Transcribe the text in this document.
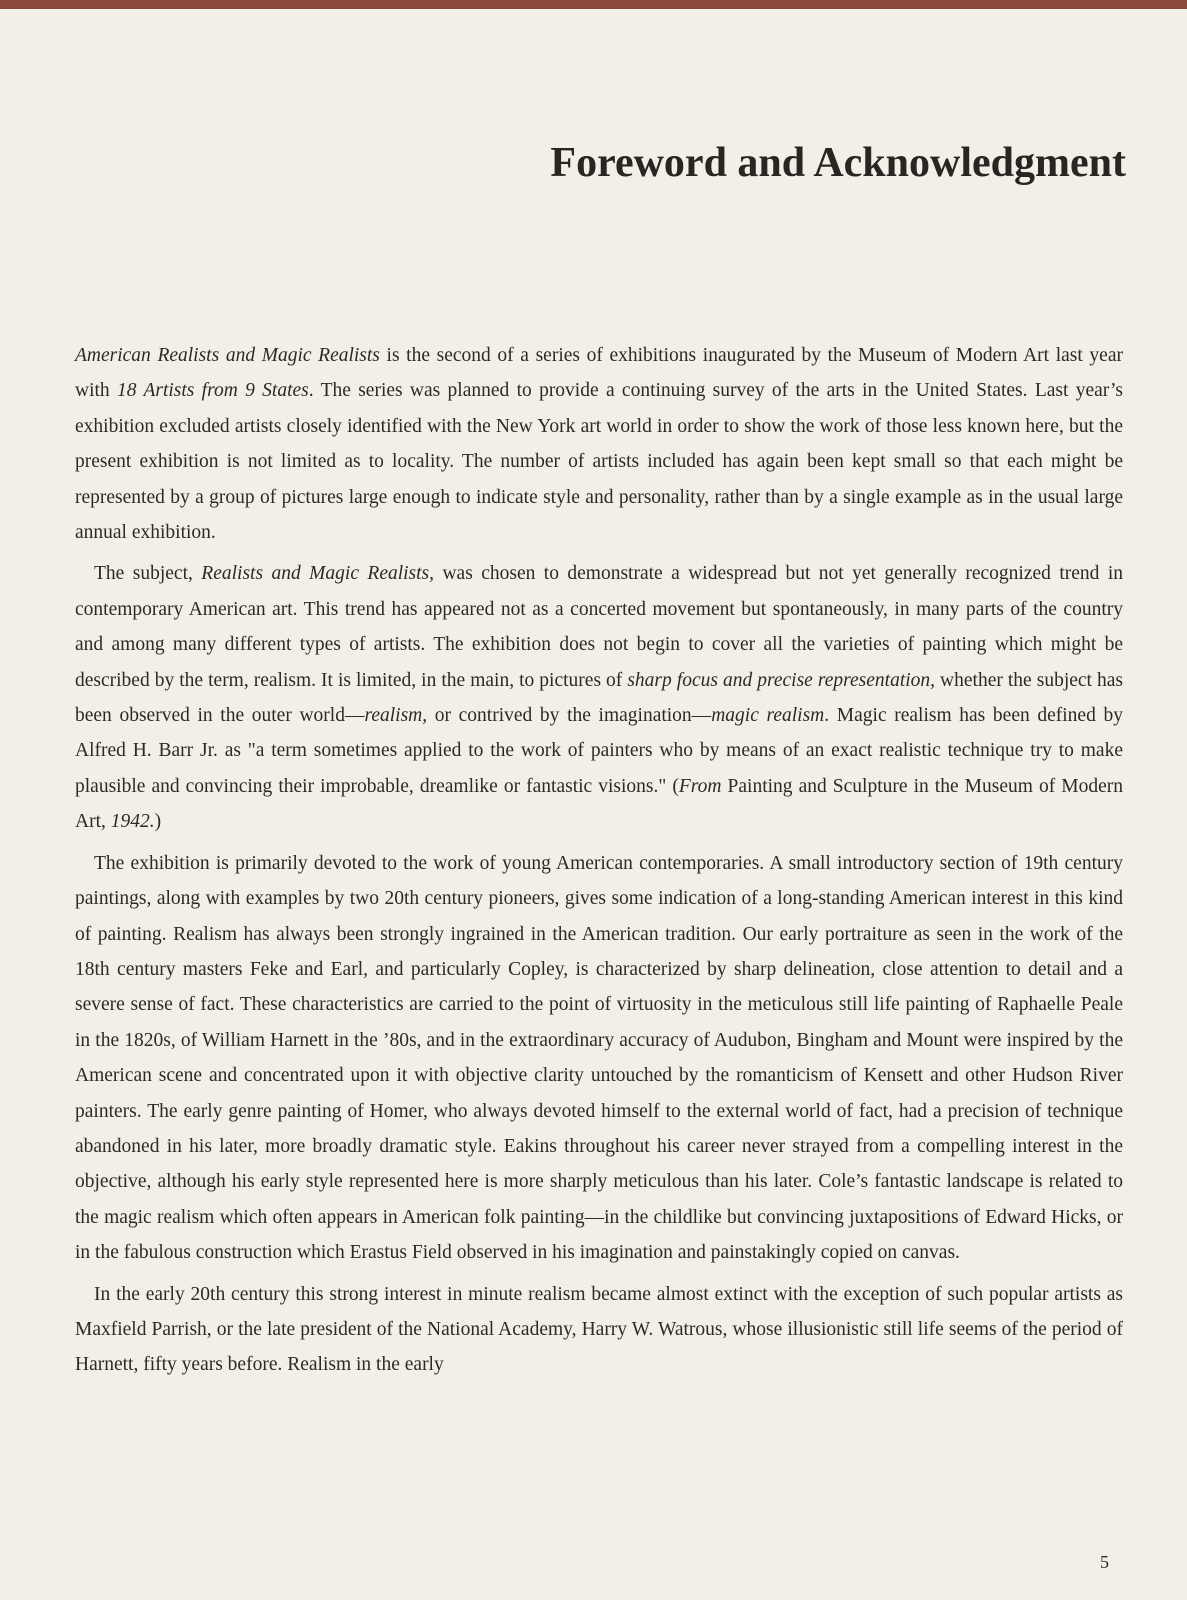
Foreword and Acknowledgment

American Realists and Magic Realists is the second of a series of exhibitions inaugurated by the Museum of Modern Art last year with 18 Artists from 9 States. The series was planned to provide a continuing survey of the arts in the United States. Last year’s exhibition excluded artists closely identified with the New York art world in order to show the work of those less known here, but the present exhibition is not limited as to locality. The number of artists included has again been kept small so that each might be represented by a group of pictures large enough to indicate style and personality, rather than by a single example as in the usual large annual exhibition.

The subject, Realists and Magic Realists, was chosen to demonstrate a widespread but not yet generally recognized trend in contemporary American art. This trend has appeared not as a concerted movement but spontaneously, in many parts of the country and among many different types of artists. The exhibition does not begin to cover all the varieties of painting which might be described by the term, realism. It is limited, in the main, to pictures of sharp focus and precise representation, whether the subject has been observed in the outer world—realism, or contrived by the imagination—magic realism. Magic realism has been defined by Alfred H. Barr Jr. as "a term sometimes applied to the work of painters who by means of an exact realistic technique try to make plausible and convincing their improbable, dreamlike or fantastic visions." (From Painting and Sculpture in the Museum of Modern Art, 1942.)

The exhibition is primarily devoted to the work of young American contemporaries. A small introductory section of 19th century paintings, along with examples by two 20th century pioneers, gives some indication of a long-standing American interest in this kind of painting. Realism has always been strongly ingrained in the American tradition. Our early portraiture as seen in the work of the 18th century masters Feke and Earl, and particularly Copley, is characterized by sharp delineation, close attention to detail and a severe sense of fact. These characteristics are carried to the point of virtuosity in the meticulous still life painting of Raphaelle Peale in the 1820s, of William Harnett in the ’80s, and in the extraordinary accuracy of Audubon, Bingham and Mount were inspired by the American scene and concentrated upon it with objective clarity untouched by the romanticism of Kensett and other Hudson River painters. The early genre painting of Homer, who always devoted himself to the external world of fact, had a precision of technique abandoned in his later, more broadly dramatic style. Eakins throughout his career never strayed from a compelling interest in the objective, although his early style represented here is more sharply meticulous than his later. Cole’s fantastic landscape is related to the magic realism which often appears in American folk painting—in the childlike but convincing juxtapositions of Edward Hicks, or in the fabulous construction which Erastus Field observed in his imagination and painstakingly copied on canvas.

In the early 20th century this strong interest in minute realism became almost extinct with the exception of such popular artists as Maxfield Parrish, or the late president of the National Academy, Harry W. Watrous, whose illusionistic still life seems of the period of Harnett, fifty years before. Realism in the early

5
